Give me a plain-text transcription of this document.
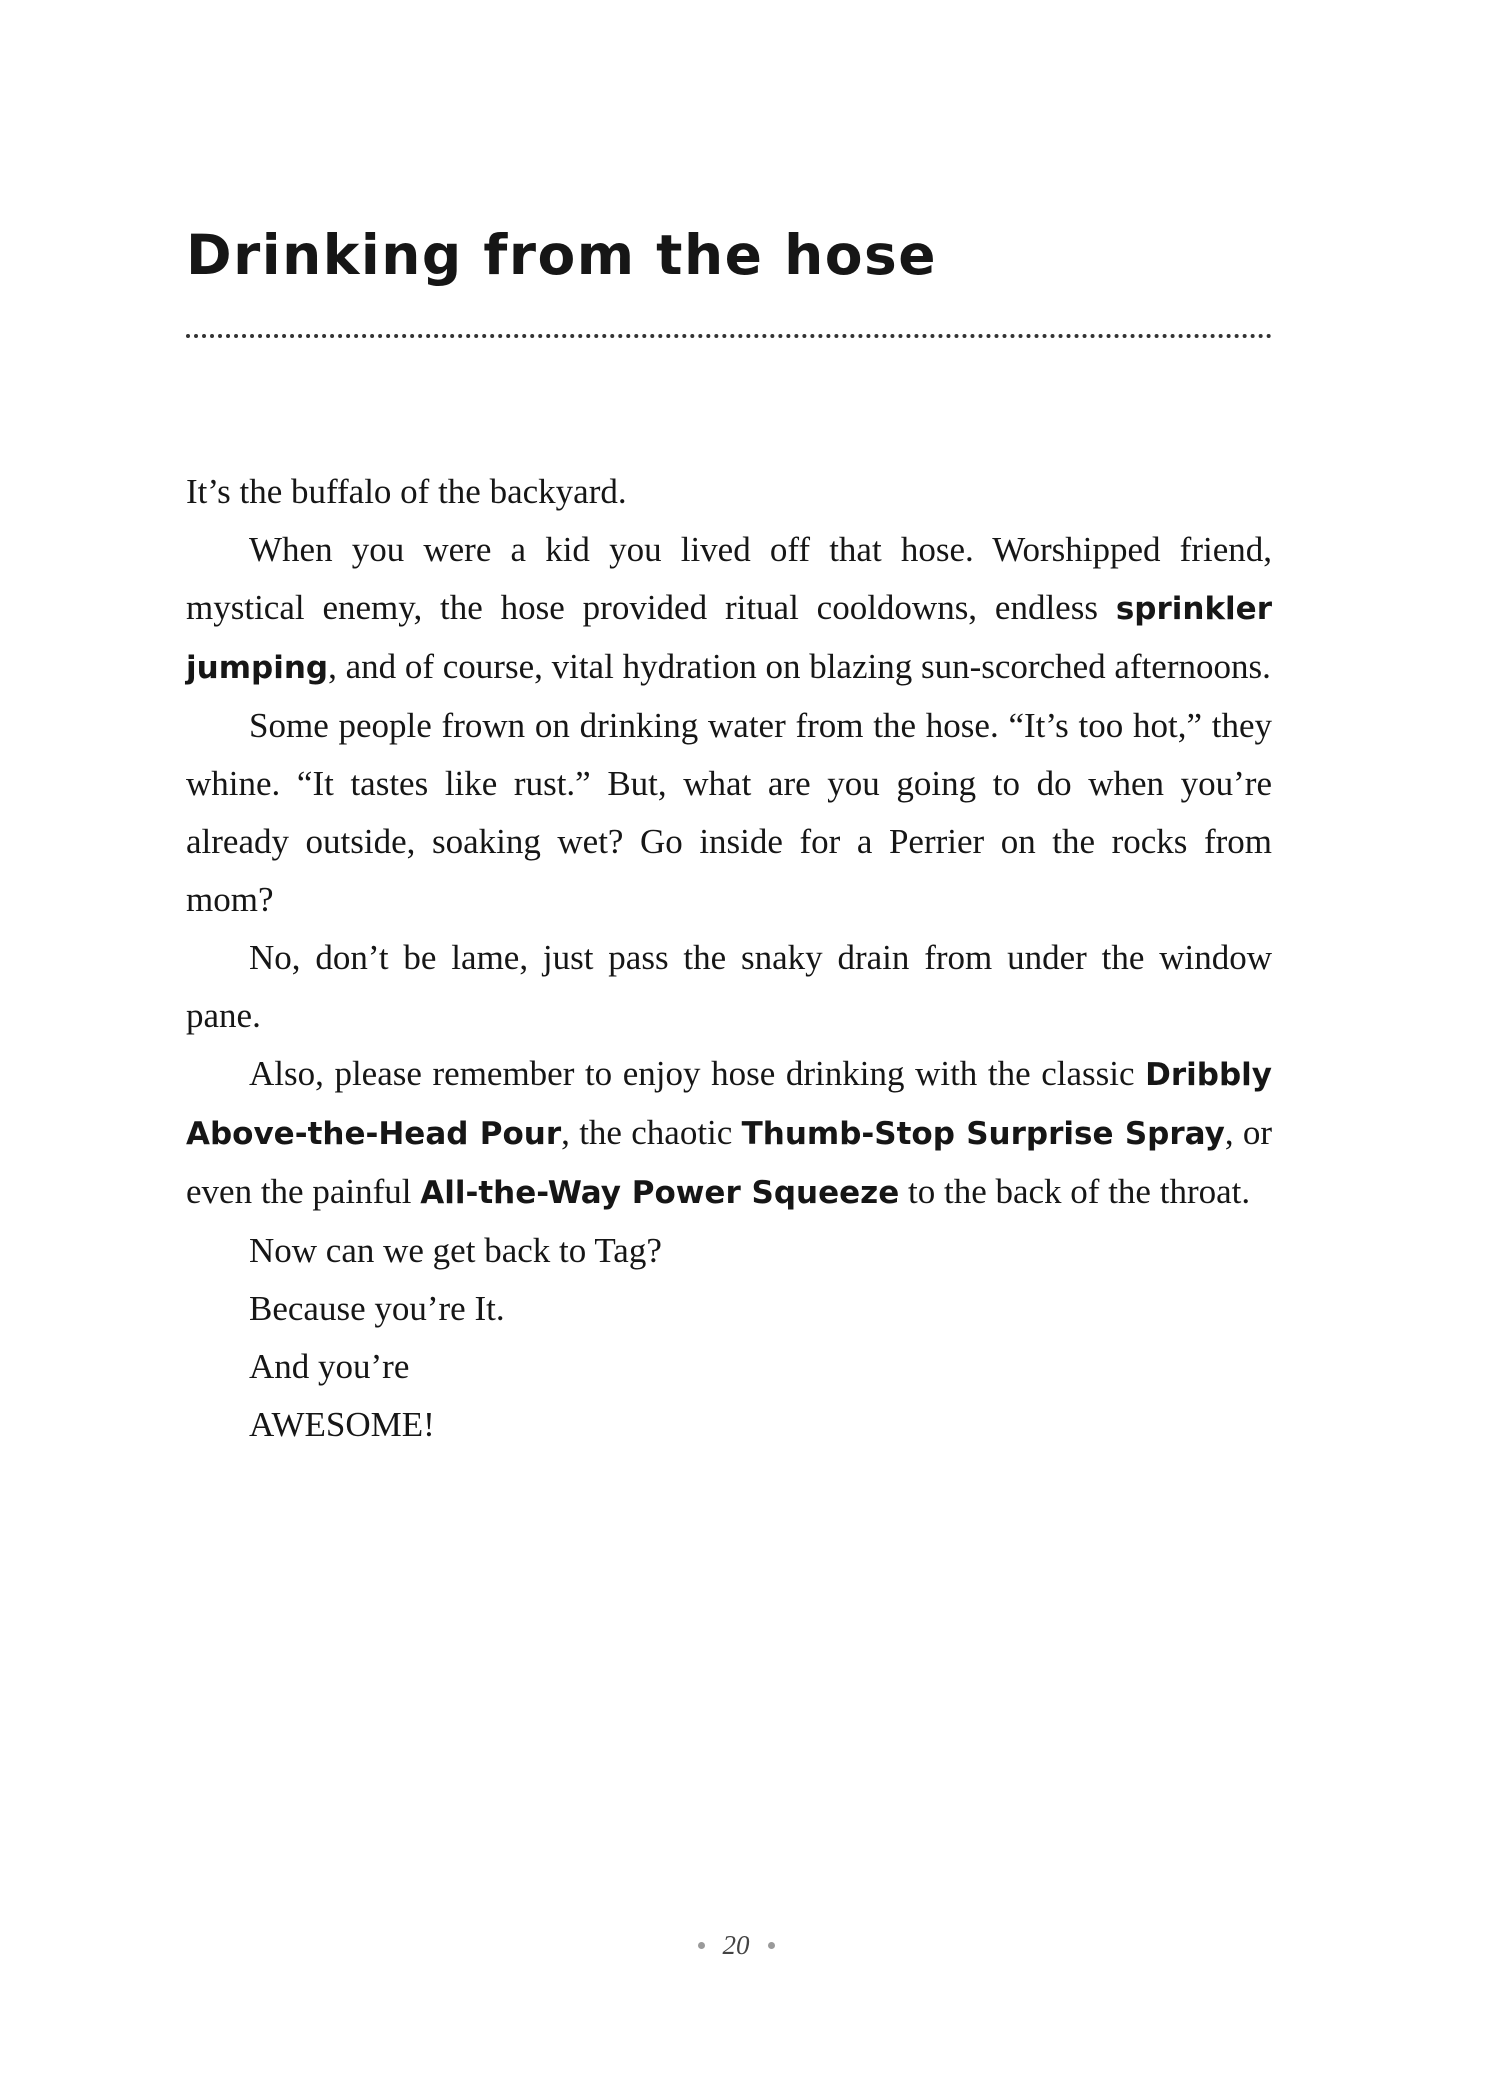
Drinking from the hose

It’s the buffalo of the backyard.

When you were a kid you lived off that hose. Worshipped friend, mystical enemy, the hose provided ritual cooldowns, endless sprinkler jumping, and of course, vital hydration on blazing sun-scorched afternoons.

Some people frown on drinking water from the hose. “It’s too hot,” they whine. “It tastes like rust.” But, what are you going to do when you’re already outside, soaking wet? Go inside for a Perrier on the rocks from mom?

No, don’t be lame, just pass the snaky drain from under the window pane.

Also, please remember to enjoy hose drinking with the classic Dribbly Above-the-Head Pour, the chaotic Thumb-Stop Surprise Spray, or even the painful All-the-Way Power Squeeze to the back of the throat.

Now can we get back to Tag?

Because you’re It.

And you’re

AWESOME!

20
